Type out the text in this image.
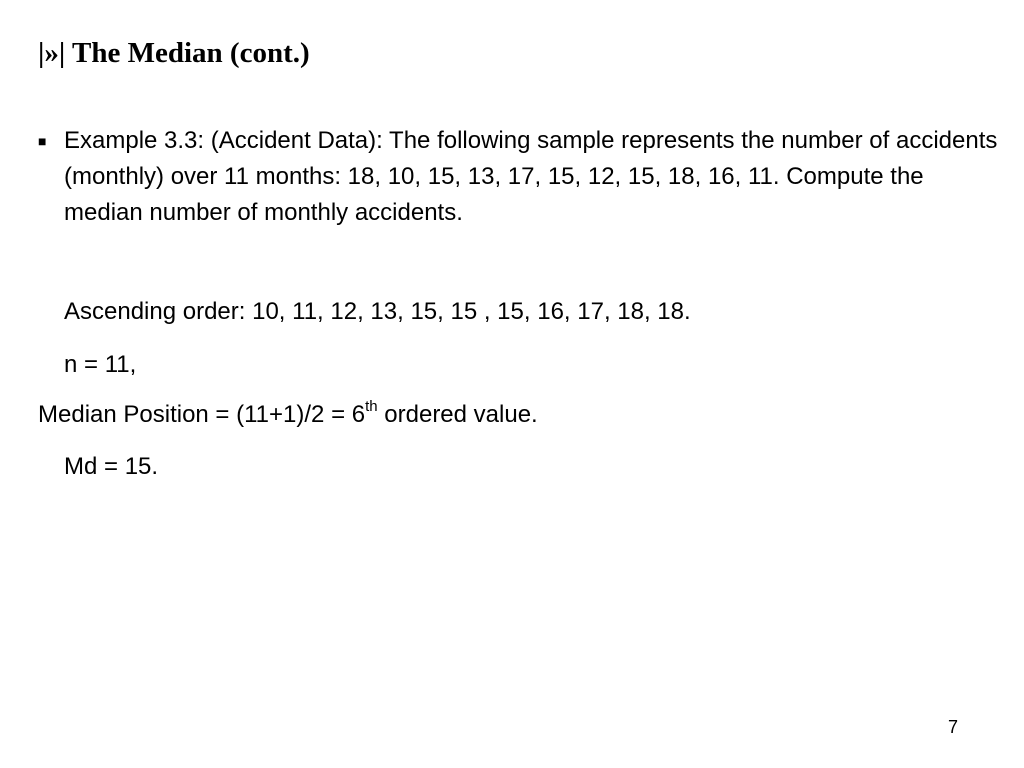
|»| The Median (cont.)
■ Example 3.3: (Accident Data): The following sample represents the number of accidents (monthly) over 11 months: 18, 10, 15, 13, 17, 15, 12, 15, 18, 16, 11. Compute the median number of monthly accidents.

Ascending order: 10, 11, 12, 13, 15, 15 , 15, 16, 17, 18, 18.

n = 11,

Median Position = (11+1)/2 = 6th ordered value.

Md = 15.

7
